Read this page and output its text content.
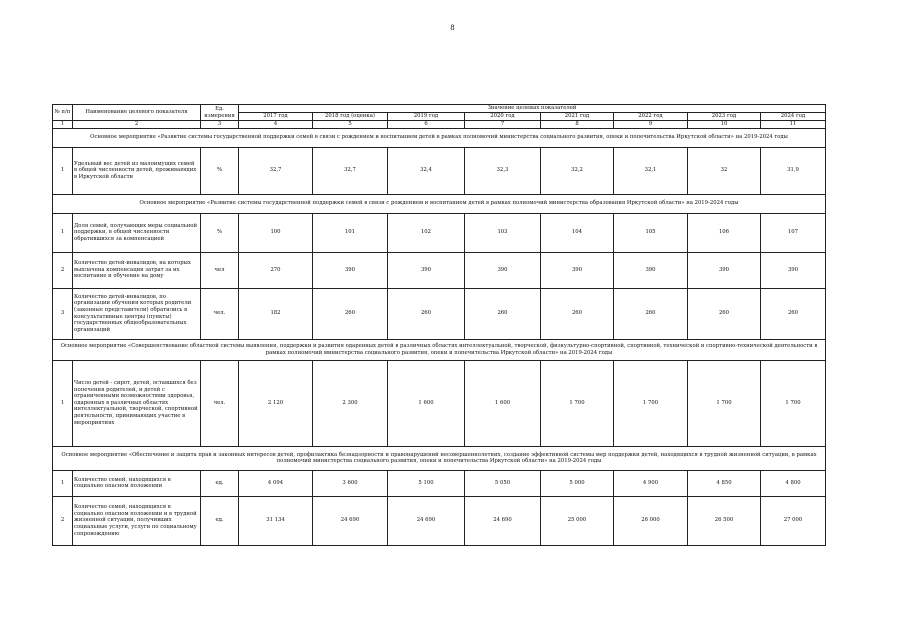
8
№ п/п	Наименование целевого показателя	Ед. измерения	Значение целевых показателей							
			2017 год	2018 год (оценка)	2019 год	2020 год	2021 год	2022 год	2023 год	2024 год
1	2	3	4	5	6	7	8	9	10	11
Основное мероприятие «Развитие системы государственной поддержки семей в связи с рождением и воспитанием детей в рамках полномочий министерства социального развития, опеки и попечительства Иркутской области» на 2019-2024 годы										
1	Удельный вес детей из малоимущих семей в общей численности детей, проживающих в Иркутской области	%	32,7	32,7	32,4	32,3	32,2	32,1	32	31,9
Основное мероприятие «Развитие системы государственной поддержки семей в связи с рождением и воспитанием детей в рамках полномочий министерства образования Иркутской области» на 2019-2024 годы										
1	Доля семей, получающих меры социальной поддержки, в общей численности обратившихся за компенсацией	%	100	101	102	103	104	105	106	107
2	Количество детей-инвалидов, на которых выплачена компенсация затрат за их воспитание и обучение на дому	чел	270	390	390	390	390	390	390	390
3	Количество детей-инвалидов, по организации обучения которых родители (законные представители) обратились в консультативные центры (пункты) государственных общеобразовательных организаций	чел.	182	260	260	260	260	260	260	260
Основное мероприятие «Совершенствование областной системы выявления, поддержки и развития одаренных детей в различных областях интеллектуальной, творческой, физкультурно-спортивной, спортивной, технической и спортивно-технической деятельности в рамках полномочий министерства социального развития, опеки и попечительства Иркутской области» на 2019-2024 годы										
1	Число детей - сирот, детей, оставшихся без попечения родителей, и детей с ограниченными возможностями здоровья, одаренных в различных областях интеллектуальной, творческой, спортивной деятельности, принимающих участие в мероприятиях	чел.	2 120	2 300	1 600	1 600	1 700	1 700	1 700	1 700
Основное мероприятие «Обеспечение и защита прав и законных интересов детей, профилактика безнадзорности и правонарушений несовершеннолетних, создание эффективной системы мер поддержки детей, находящихся в трудной жизненной ситуации, в рамках полномочий министерства социального развития, опеки и попечительства Иркутской области» на 2019-2024 годы										
1	Количество семей, находящихся в социально опасном положении	ед.	4 094	3 600	5 100	5 050	5 000	4 900	4 850	4 800
2	Количество семей, находящихся в социально опасном положении и в трудной жизненной ситуации, получивших социальные услуги, услуги по социальному сопровождению	ед.	31 134	24 690	24 690	24 690	25 000	26 000	26 500	27 000
